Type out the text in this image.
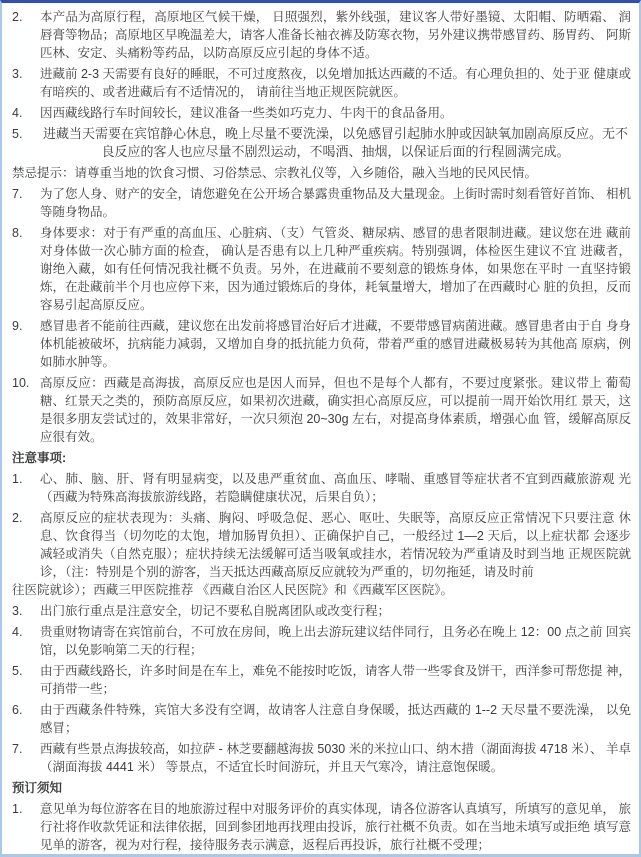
2.	本产品为高原行程，高原地区气候干燥， 日照强烈，紫外线强，建议客人带好墨镜、太阳帽、防晒霜、 润唇膏等物品；高原地区早晚温差大，请客人准备长袖衣裤及防寒衣物，另外建议携带感冒药、肠胃药、 阿斯匹林、安定、头痛粉等药品，以防高原反应引起的身体不适。
3.	进藏前 2-3 天需要有良好的睡眠，不可过度熬夜，以免增加抵达西藏的不适。有心理负担的、处于亚 健康或有暗疾的、或者进藏后有不适情况的， 请前往当地正规医院就医。
4.	因西藏线路行车时间较长，建议准备一些类如巧克力、牛肉干的食品备用。
5.	进藏当天需要在宾馆静心休息，晚上尽量不要洗澡，以免感冒引起肺水肿或因缺氧加剧高原反应。无不 良反应的客人也应尽量不剧烈运动，不喝酒、抽烟，以保证后面的行程圆满完成。

禁忌提示：请尊重当地的饮食习惯、习俗禁忌、宗教礼仪等，入乡随俗，融入当地的民风民情。

7.	为了您人身、财产的安全，请您避免在公开场合暴露贵重物品及大量现金。上街时需时刻看管好首饰、 相机等随身物品。
8.	身体要求：对于有严重的高血压、心脏病、（支）气管炎、糖尿病、感冒的患者限制进藏。建议您在进 藏前对身体做一次心肺方面的检查， 确认是否患有以上几种严重疾病。特别强调，体检医生建议不宜 进藏者，谢绝入藏，如有任何情况我社概不负责。另外，在进藏前不要刻意的锻炼身体，如果您在平时 一直坚持锻炼，在赴藏前半个月也应停下来，因为通过锻炼后的身体，耗氧量增大，增加了在西藏时心 脏的负担，反而容易引起高原反应。
9.	感冒患者不能前往西藏，建议您在出发前将感冒治好后才进藏，不要带感冒病菌进藏。感冒患者由于自 身身体机能被破坏，抗病能力减弱，又增加自身的抵抗能力负荷，带着严重的感冒进藏极易转为其他高 原病，例如肺水肿等。
10. 高原反应：西藏是高海拔，高原反应也是因人而异，但也不是每个人都有，不要过度紧张。建议带上 葡萄糖、红景天之类的，预防高原反应，如果初次进藏，确实担心高原反应，可以提前一周开始饮用红 景天，这是很多朋友尝试过的，效果非常好，一次只须泡 20~30g 左右，对提高身体素质，增强心血 管，缓解高原反应很有效。

注意事项:

1.	心、肺、脑、肝、肾有明显病变，以及患严重贫血、高血压、哮喘、重感冒等症状者不宜到西藏旅游观 光（西藏为特殊高海拔旅游线路，若隐瞒健康状况，后果自负）；
2.	高原反应的症状表现为：头痛、胸闷、呼吸急促、恶心、呕吐、失眠等，高原反应正常情况下只要注意 休息、饮食得当（切勿吃的太饱，增加肠胃负担）、正确保护自己，一般经过 1—2 天后，以上症状都 会逐步减轻或消失（自然克服）；症状持续无法缓解可适当吸氧或挂水，若情况较为严重请及时到当地 正规医院就诊，（注：特别是个别的游客，当天抵达西藏高原反应就较为严重的，切勿拖延，请及时前

往医院就诊）；西藏三甲医院推荐 《西藏自治区人民医院》和《西藏军区医院》。

3.	出门旅行重点是注意安全，切记不要私自脱离团队或改变行程；
4.	贵重财物请寄在宾馆前台，不可放在房间，晚上出去游玩建议结伴同行，且务必在晚上 12：00 点之前 回宾馆，以免影响第二天的行程；
5.	由于西藏线路长，许多时间是在车上，难免不能按时吃饭，请客人带一些零食及饼干，西洋参可帮您提 神，可捎带一些；
6.	由于西藏条件特殊，宾馆大多没有空调，故请客人注意自身保暖，抵达西藏的 1--2 天尽量不要洗澡， 以免感冒；
7.	西藏有些景点海拔较高，如拉萨 - 林芝要翻越海拔 5030 米的米拉山口、纳木措（湖面海拔 4718 米）、 羊卓（湖面海拔 4441 米） 等景点，不适宜长时间游玩，并且天气寒冷，请注意饱保暖。

预订须知

1.	意见单为每位游客在目的地旅游过程中对服务评价的真实体现，请各位游客认真填写，所填写的意见单， 旅行社将作收款凭证和法律依据，回到参团地再找理由投诉，旅行社概不负责。如在当地未填写或拒绝 填写意见单的游客，视为对行程，接待服务表示满意，返程后再投诉，旅行社概不受理；
